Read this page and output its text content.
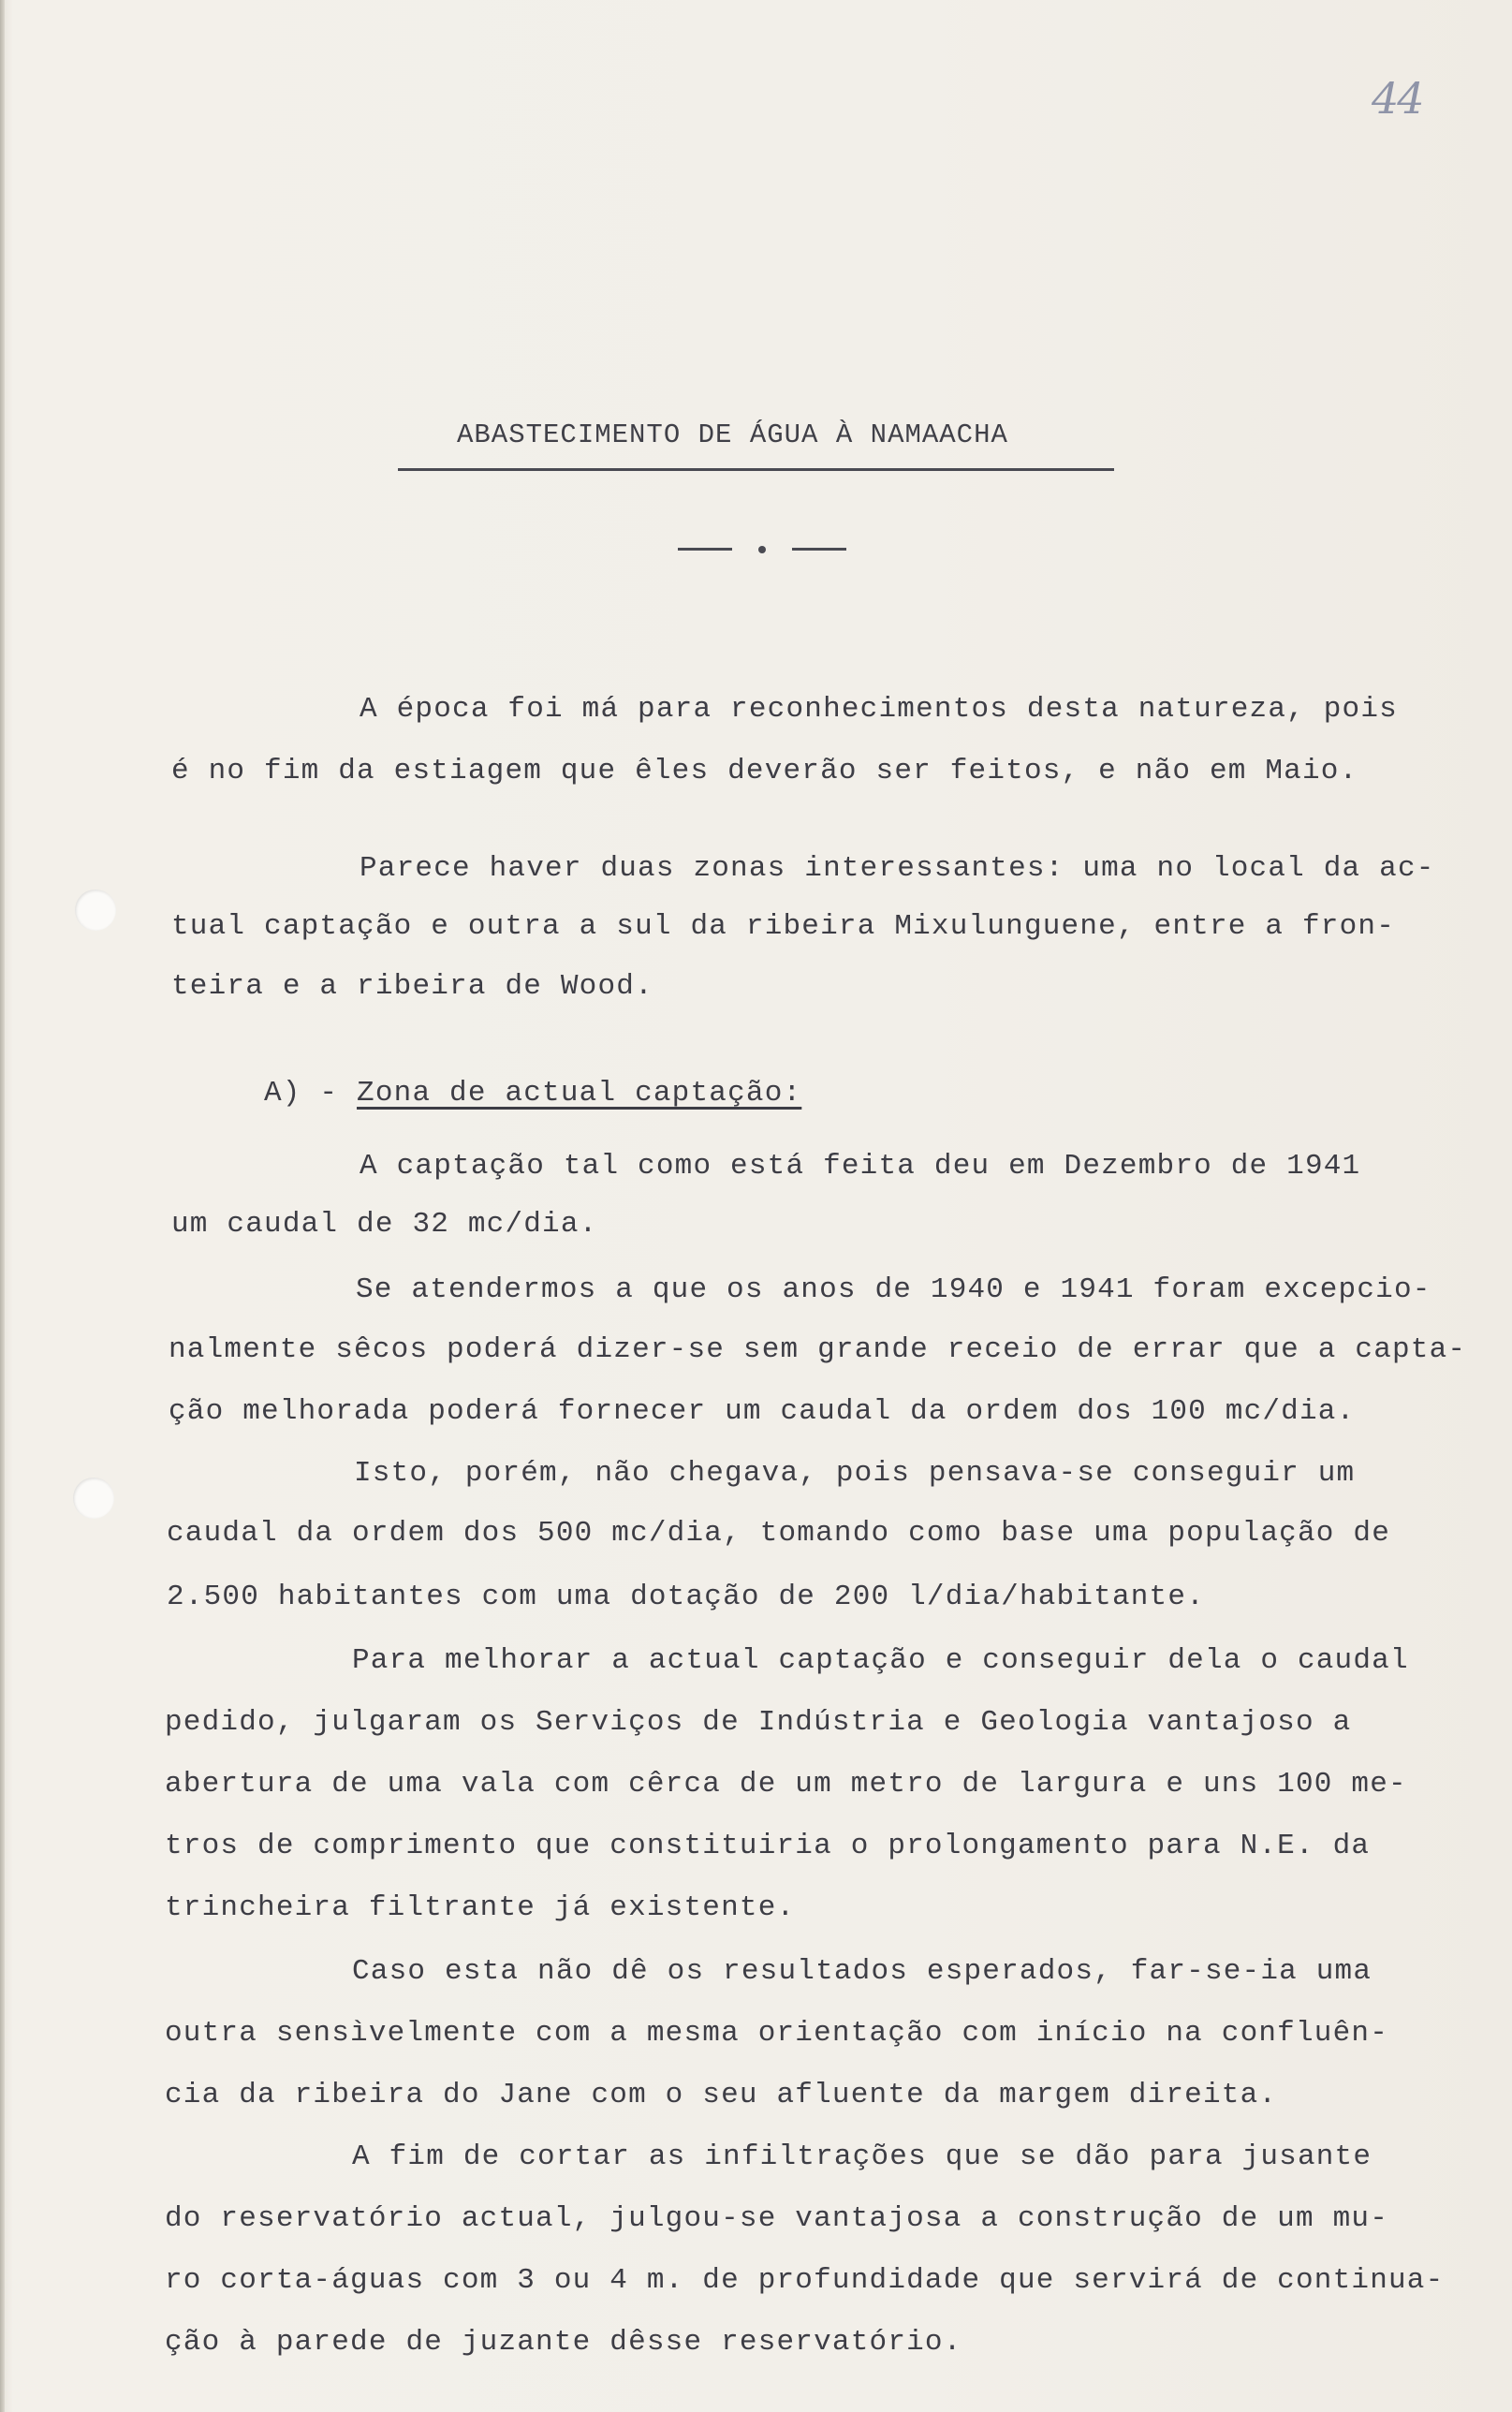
44
ABASTECIMENTO DE ÁGUA À NAMAACHA
A época foi má para reconhecimentos desta natureza, pois
é no fim da estiagem que êles deverão ser feitos, e não em Maio.
Parece haver duas zonas interessantes: uma no local da ac-
tual captação e outra a sul da ribeira Mixulunguene, entre a fron-
teira e a ribeira de Wood.
A) - Zona de actual captação:
A captação tal como está feita deu em Dezembro de 1941
um caudal de 32 mc/dia.
Se atendermos a que os anos de 1940 e 1941 foram excepcio-
nalmente sêcos poderá dizer-se sem grande receio de errar que a capta-
ção melhorada poderá fornecer um caudal da ordem dos 100 mc/dia.
Isto, porém, não chegava, pois pensava-se conseguir um
caudal da ordem dos 500 mc/dia, tomando como base uma população de
2.500 habitantes com uma dotação de 200 l/dia/habitante.
Para melhorar a actual captação e conseguir dela o caudal
pedido, julgaram os Serviços de Indústria e Geologia vantajoso a
abertura de uma vala com cêrca de um metro de largura e uns 100 me-
tros de comprimento que constituiria o prolongamento para N.E. da
trincheira filtrante já existente.
Caso esta não dê os resultados esperados, far-se-ia uma
outra sensìvelmente com a mesma orientação com início na confluên-
cia da ribeira do Jane com o seu afluente da margem direita.
A fim de cortar as infiltrações que se dão para jusante
do reservatório actual, julgou-se vantajosa a construção de um mu-
ro corta-águas com 3 ou 4 m. de profundidade que servirá de continua-
ção à parede de juzante dêsse reservatório.
